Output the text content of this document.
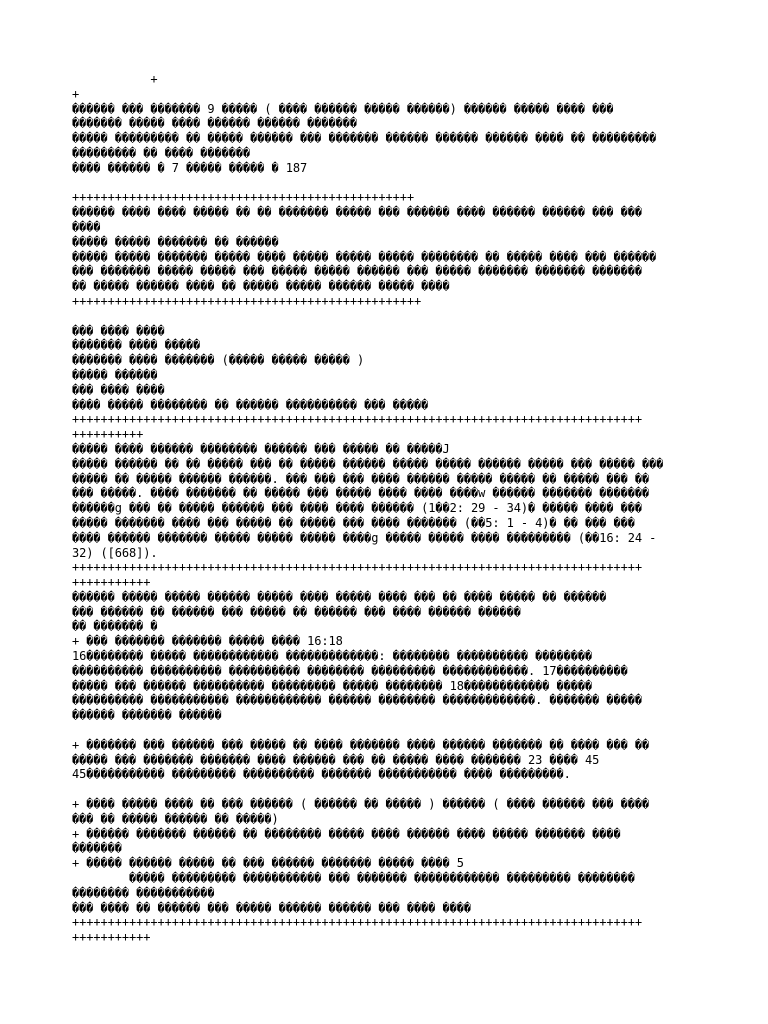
+
+
������ ��� ������� 9 ����� ( ���� ������ ����� ������) ������ ����� ���� ���
������� ����� ���� ������ ������ �������
����� ��������� �� ����� ������ ��� ������� ������ ������ ������ ���� �� ���������
��������� �� ���� �������
���� ������ � 7 ����� ����� � 187
++++++++++++++++++++++++++++++++++++++++++++++++
������ ���� ���� ����� �� �� ������� ����� ��� ������ ���� ������ ������ ��� ���
����
����� ����� ������� �� ������
����� ����� ������� ����� ���� ����� ����� ����� �������� �� ����� ���� ��� ������
��� ������� ����� ����� ��� ����� ����� ������ ��� ����� ������� ������� �������
�� ����� ������ ���� �� ����� ����� ������ ����� ����
+++++++++++++++++++++++++++++++++++++++++++++++++
��� ���� ����
������� ���� �����
������� ���� ������� (����� ����� ����� )
����� ������
��� ���� ����
���� ����� �������� �� ������ ���������� ��� �����
++++++++++++++++++++++++++++++++++++++++++++++++++++++++++++++++++++++++++++++++
++++++++++
����� ���� ������ �������� ������ ��� ����� �� �����J
����� ������ �� �� ����� ��� �� ����� ������ ����� ����� ������ ����� ��� ����� ���
����� �� ����� ������ ������. ��� ��� ��� ���� ������ ����� ����� �� ����� ��� ��
��� �����. ���� ������� �� ����� ��� ����� ���� ���� ����w ������ ������� �������
������g ��� �� ����� ������ ��� ���� ���� ������ (1��2: 29 - 34)� ����� ���� ���
����� ������� ���� ��� ����� �� ����� ��� ���� ������� (��5: 1 - 4)� �� ��� ���
���� ������ ������� ����� ����� ����� ����g ����� ����� ���� ��������� (��16: 24 -
32) ([668]).
++++++++++++++++++++++++++++++++++++++++++++++++++++++++++++++++++++++++++++++++
+++++++++++
������ ����� ����� ������ ����� ���� ����� ���� ��� �� ���� ����� �� ������
��� ������ �� ������ ��� ����� �� ������ ��� ���� ������ ������
�� ������� �
+ ��� ������� ������� ����� ���� 16:18
16�������� ����� ������������ �������������: �������� ���������� ��������
���������� ���������� ���������� �������� ��������� ������������. 17����������
����� ��� ������ ���������� ��������� ����� �������� 18������������ �����
���������� ����������� ������������ ������ �������� �������������. ������� �����
������ ������� ������
+ ������� ��� ������ ��� ����� �� ���� ������� ���� ������ ������� �� ���� ��� ��
����� ��� ������� ������� ���� ������ ��� �� ����� ���� ������� 23 ���� 45
45����������� ��������� ���������� ������� ����������� ���� ���������.
+ ���� ����� ���� �� ��� ������ ( ������ �� ����� ) ������ ( ���� ������ ��� ����
��� �� ����� ������ �� �����)
+ ������ ������� ������ �� �������� ����� ���� ������ ���� ����� ������� ����
�������
+ ����� ������ ����� �� ��� ������ ������� ����� ���� 5
����� ��������� ����������� ��� ������� ������������ ��������� ��������
�������� �����������
��� ���� �� ������ ��� ����� ������ ������ ��� ���� ����
++++++++++++++++++++++++++++++++++++++++++++++++++++++++++++++++++++++++++++++++
+++++++++++
